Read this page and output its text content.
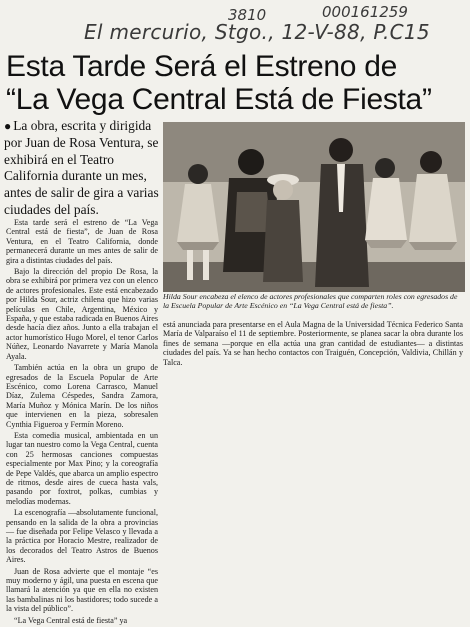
3810	000161259
El mercurio, Stgo., 12-V-88, P.C15
Esta Tarde Será el Estreno de
“La Vega Central Está de Fiesta”
● La obra, escrita y dirigida por Juan de Rosa Ventura, se exhibirá en el Teatro California durante un mes, antes de salir de gira a varias ciudades del país.
Hilda Sour encabeza el elenco de actores profesionales que comparten roles con egresados de la Escuela Popular de Arte Escénico en “La Vega Central está de fiesta”.

Esta tarde será el estreno de “La Vega Central está de fiesta”, de Juan de Rosa Ventura, en el Teatro California, donde permanecerá durante un mes antes de salir de gira a distintas ciudades del país.

Bajo la dirección del propio De Rosa, la obra se exhibirá por primera vez con un elenco de actores profesionales. Este está encabezado por Hilda Sour, actriz chilena que hizo varias películas en Chile, Argentina, México y España, y que estaba radicada en Buenos Aires desde hacía diez años. Junto a ella trabajan el actor humorístico Hugo Morel, el tenor Carlos Núñez, Leonardo Navarrete y María Manola Ayala.

También actúa en la obra un grupo de egresados de la Escuela Popular de Arte Escénico, como Lorena Carrasco, Manuel Díaz, Zulema Céspedes, Sandra Zamora, María Muñoz y Mónica Marín. De los niños que intervienen en la pieza, sobresalen Cynthia Figueroa y Fermín Moreno.

Esta comedia musical, ambientada en un lugar tan nuestro como la Vega Central, cuenta con 25 hermosas canciones compuestas especialmente por Max Pino; y la coreografía de Pepe Valdés, que abarca un amplio espectro de ritmos, desde aires de cueca hasta vals, pasando por foxtrot, polkas, cumbias y melodías modernas.

La escenografía —absolutamente funcional, pensando en la salida de la obra a provincias— fue diseñada por Felipe Velasco y llevada a la práctica por Horacio Mestre, realizador de los decorados del Teatro Astros de Buenos Aires.

Juan de Rosa advierte que el montaje “es muy moderno y ágil, una puesta en escena que llamará la atención ya que en ella no existen las bambalinas ni los bastidores; todo sucede a la vista del público”.

“La Vega Central está de fiesta” ya

está anunciada para presentarse en el Aula Magna de la Universidad Técnica Federico Santa María de Valparaíso el 11 de septiembre. Posteriormente, se planea sacar la obra durante los fines de semana —porque en ella actúa una gran cantidad de estudiantes— a distintas ciudades del país. Ya se han hecho contactos con Traiguén, Concepción, Valdivia, Chillán y Talca.
